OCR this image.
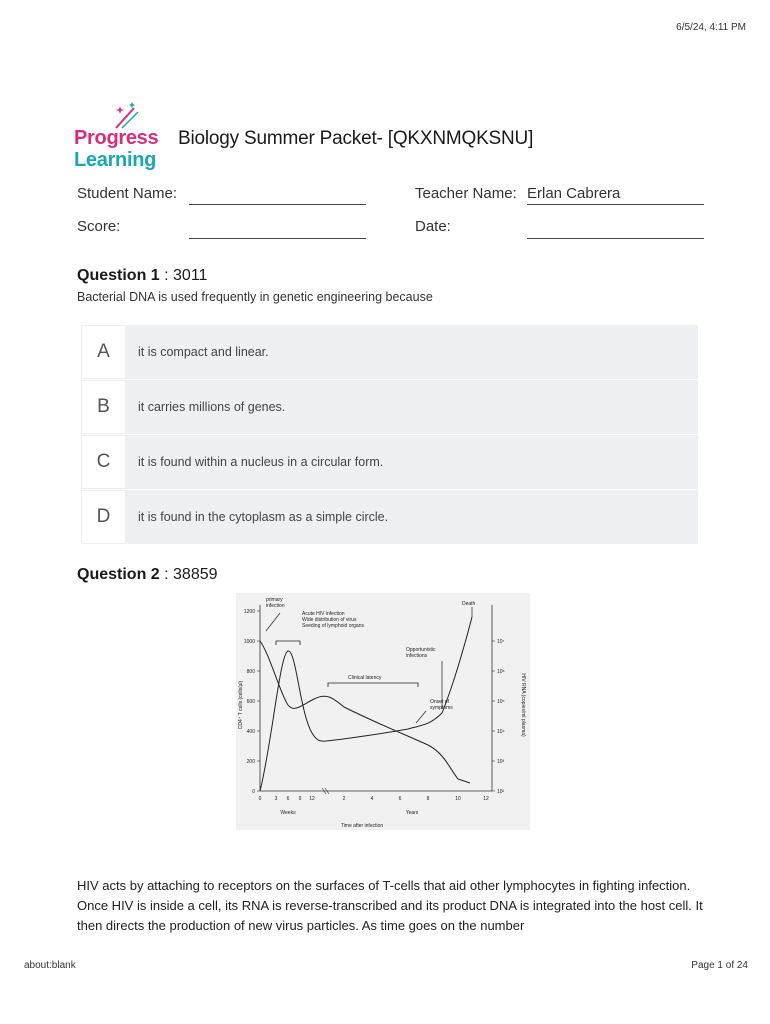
6/5/24, 4:11 PM
Progress
Learning
Biology Summer Packet- [QKXNMQKSNU]
Student Name:	Teacher Name: Erlan Cabrera
Score:	Date:
Question 1 : 3011
Bacterial DNA is used frequently in genetic engineering because
A	it is compact and linear.
B	it carries millions of genes.
C	it is found within a nucleus in a circular form.
D	it is found in the cytoplasm as a simple circle.
Question 2 : 38859
0
200
400
600
800
1000
1200
10²
10³
10⁴
10⁵
10⁶
10⁷
0	3 6 9 12	2	4	6	8	10	12
Weeks	Years
Time after infection
CD4⁺ T cells (cells/µl)	HIV RNA (copies/ml plasma)
primary
infection
Acute HIV infection
Wide distribution of virus
Seeding of lymphoid organs
Death
Opportunistic
infections
Clinical latency
Onset of
symptoms
HIV acts by attaching to receptors on the surfaces of T-cells that aid other lymphocytes in fighting infection. Once HIV is inside a cell, its RNA is reverse-transcribed and its product DNA is integrated into the host cell. It then directs the production of new virus particles. As time goes on the number
about:blank	Page 1 of 24
